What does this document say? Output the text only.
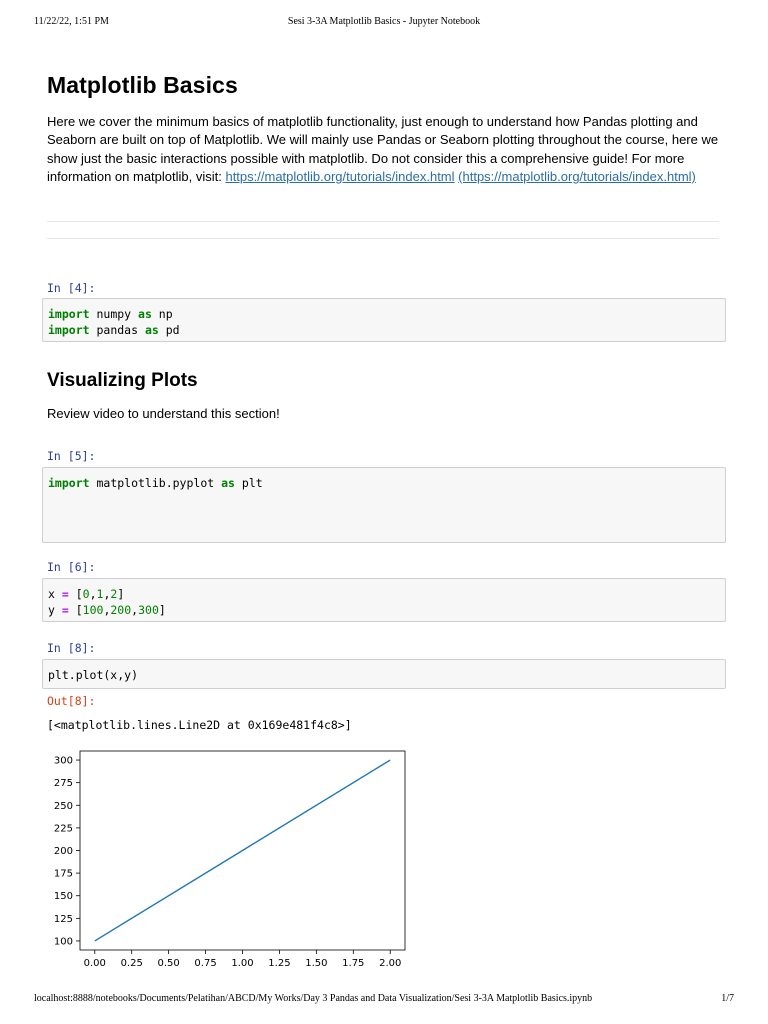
11/22/22, 1:51 PM	Sesi 3-3A Matplotlib Basics - Jupyter Notebook
Matplotlib Basics

Here we cover the minimum basics of matplotlib functionality, just enough to understand how Pandas plotting and Seaborn are built on top of Matplotlib. We will mainly use Pandas or Seaborn plotting throughout the course, here we show just the basic interactions possible with matplotlib. Do not consider this a comprehensive guide! For more information on matplotlib, visit: https://matplotlib.org/tutorials/index.html (https://matplotlib.org/tutorials/index.html)

In [4]:
import numpy as np
import pandas as pd
Visualizing Plots

Review video to understand this section!

In [5]:
import matplotlib.pyplot as plt
In [6]:
x = [0,1,2]
y = [100,200,300]
In [8]:
plt.plot(x,y)
Out[8]:
[<matplotlib.lines.Line2D at 0x169e481f4c8>]
0.00 0.25 0.50 0.75 1.00 1.25 1.50 1.75 2.00
100
125
150
175
200
225
250
275
300
localhost:8888/notebooks/Documents/Pelatihan/ABCD/My Works/Day 3 Pandas and Data Visualization/Sesi 3-3A Matplotlib Basics.ipynb	1/7
